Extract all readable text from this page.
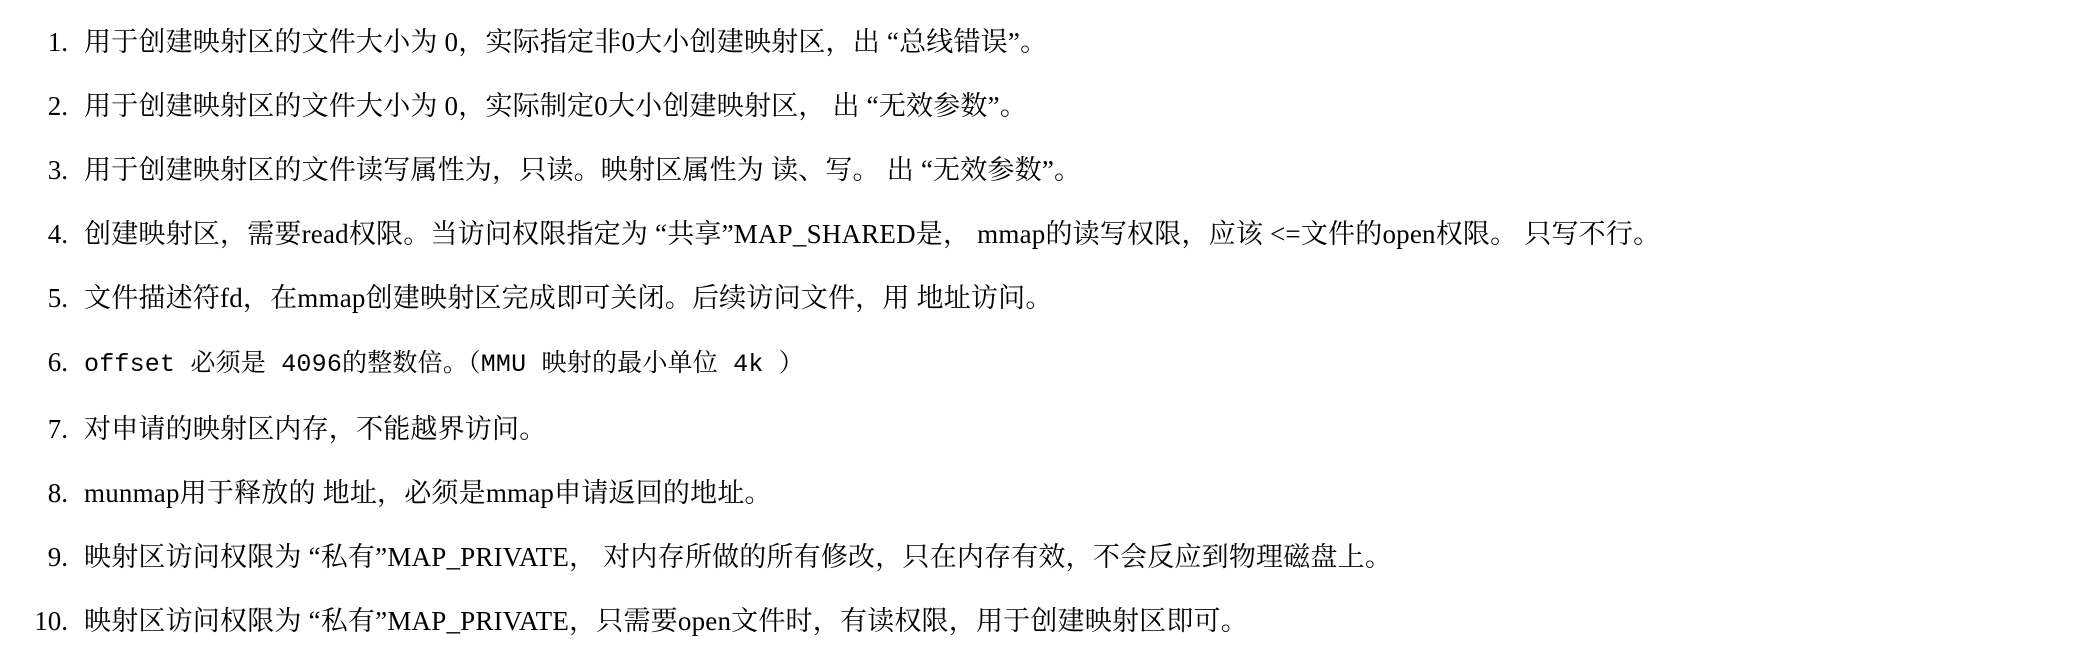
1. 用于创建映射区的文件大小为 0，实际指定非0大小创建映射区，出 “总线错误”。
2. 用于创建映射区的文件大小为 0，实际制定0大小创建映射区， 出 “无效参数”。
3. 用于创建映射区的文件读写属性为，只读。映射区属性为 读、写。 出 “无效参数”。
4. 创建映射区，需要read权限。当访问权限指定为 “共享”MAP_SHARED是， mmap的读写权限，应该 <=文件的open权限。 只写不行。
5. 文件描述符fd，在mmap创建映射区完成即可关闭。后续访问文件，用 地址访问。
6. offset 必须是 4096的整数倍。（MMU 映射的最小单位 4k ）
7. 对申请的映射区内存，不能越界访问。
8. munmap用于释放的 地址，必须是mmap申请返回的地址。
9. 映射区访问权限为 “私有”MAP_PRIVATE， 对内存所做的所有修改，只在内存有效，不会反应到物理磁盘上。
10. 映射区访问权限为 “私有”MAP_PRIVATE，只需要open文件时，有读权限，用于创建映射区即可。
